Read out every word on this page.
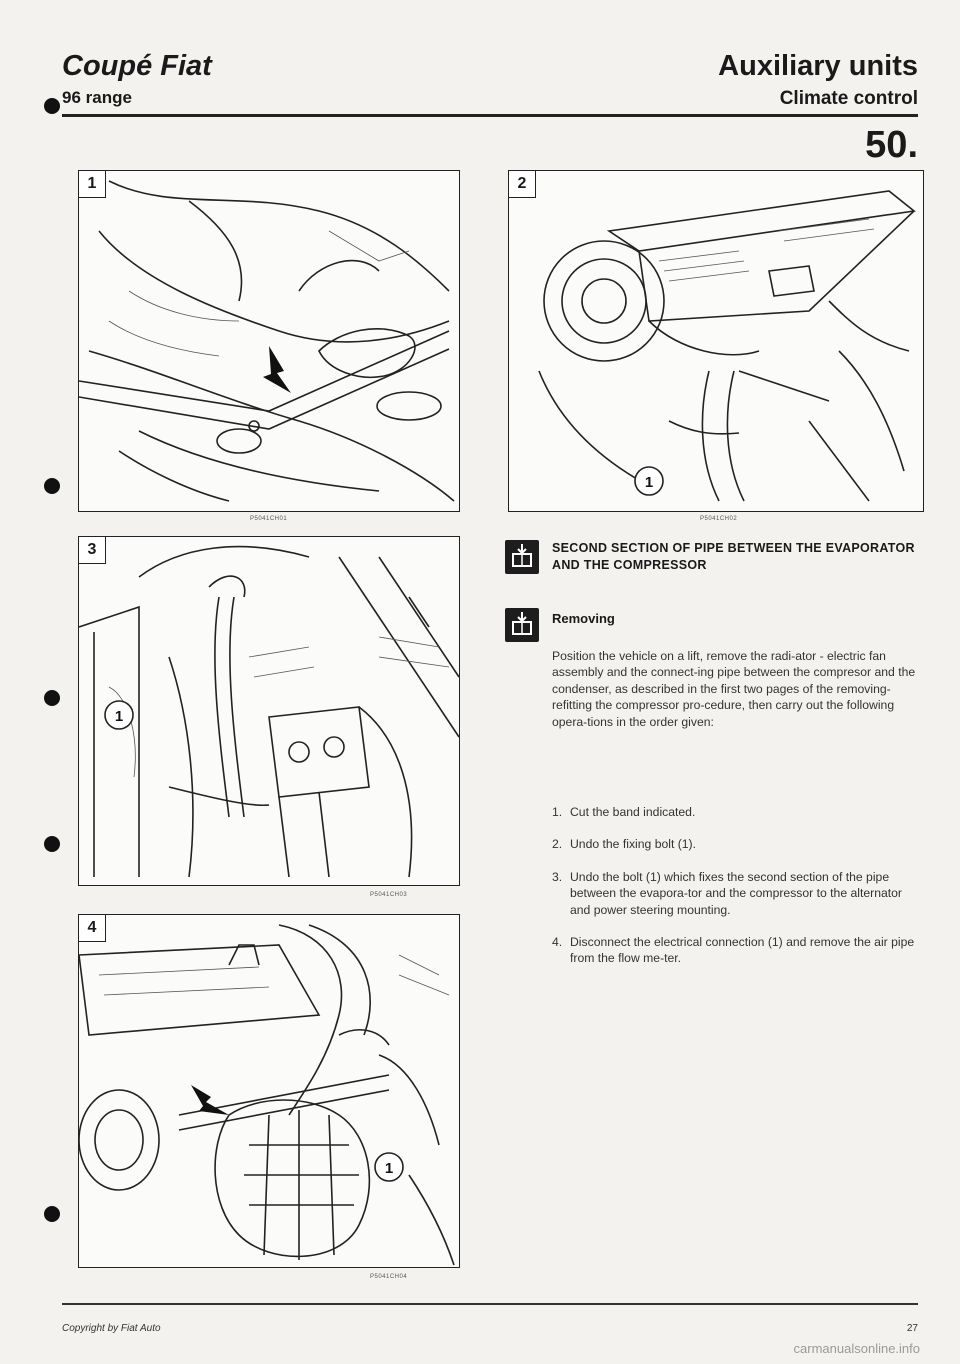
Coupé Fiat
96 range
Auxiliary units
Climate control
50.
1
P5041CH01
1
2
P5041CH02
1
3
P5041CH03
1
4
P5041CH04
SECOND SECTION OF PIPE BETWEEN THE EVAPORATOR AND THE COMPRESSOR
Removing
Position the vehicle on a lift, remove the radi-ator - electric fan assembly and the connect-ing pipe between the compresor and the condenser, as described in the first two pages of the removing-refitting the compressor pro-cedure, then carry out the following opera-tions in the order given:
1. Cut the band indicated.
2. Undo the fixing bolt (1).
3. Undo the bolt (1) which fixes the second section of the pipe between the evapora-tor and the compressor to the alternator and power steering mounting.
4. Disconnect the electrical connection (1) and remove the air pipe from the flow me-ter.
Copyright by Fiat Auto	27
carmanualsonline.info
